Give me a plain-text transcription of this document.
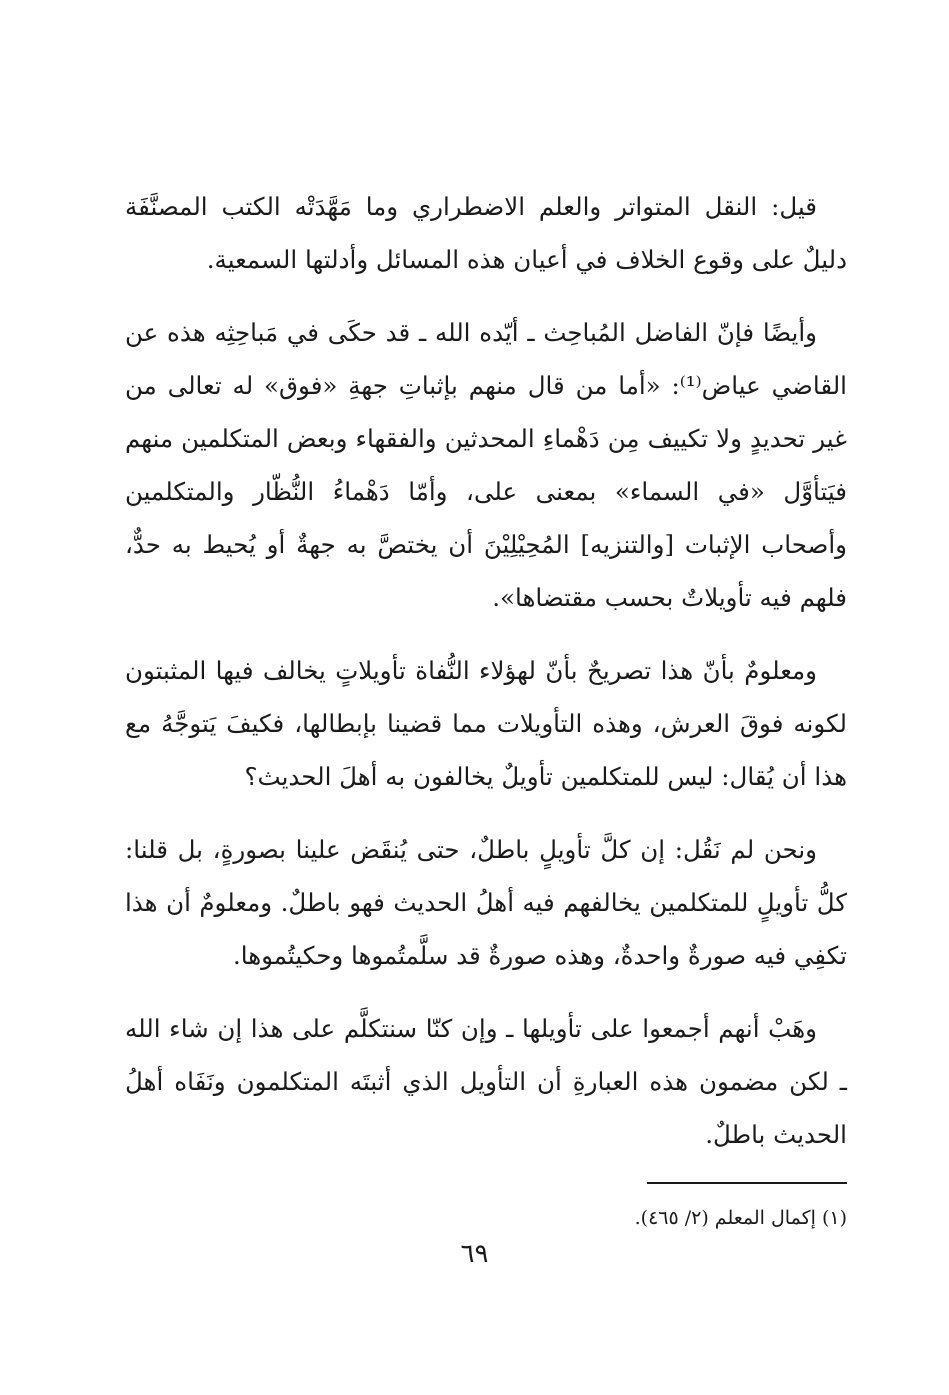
قيل: النقل المتواتر والعلم الاضطراري وما مَهَّدَتْه الكتب المصنَّفَة دليلٌ على وقوع الخلاف في أعيان هذه المسائل وأدلتها السمعية.

وأيضًا فإنّ الفاضل المُباحِث ـ أيّده الله ـ قد حكَى في مَباحِثِه هذه عن القاضي عياض⁽¹⁾: «أما من قال منهم بإثباتِ جهةِ «فوق» له تعالى من غير تحديدٍ ولا تكييف مِن دَهْماءِ المحدثين والفقهاء وبعض المتكلمين منهم فيَتأوَّل «في السماء» بمعنى على، وأمّا دَهْماءُ النُّظّار والمتكلمين وأصحاب الإثبات [والتنزيه] المُحِيْلِيْنَ أن يختصَّ به جهةٌ أو يُحيط به حدٌّ، فلهم فيه تأويلاتٌ بحسب مقتضاها».

ومعلومٌ بأنّ هذا تصريحٌ بأنّ لهؤلاء النُّفاة تأويلاتٍ يخالف فيها المثبتون لكونه فوقَ العرش، وهذه التأويلات مما قضينا بإبطالها، فكيفَ يَتوجَّهُ مع هذا أن يُقال: ليس للمتكلمين تأويلٌ يخالفون به أهلَ الحديث؟

ونحن لم نَقُل: إن كلَّ تأويلٍ باطلٌ، حتى يُنقَض علينا بصورةٍ، بل قلنا: كلُّ تأويلٍ للمتكلمين يخالفهم فيه أهلُ الحديث فهو باطلٌ. ومعلومٌ أن هذا تكفِي فيه صورةٌ واحدةٌ، وهذه صورةٌ قد سلَّمتُموها وحكيتُموها.

وهَبْ أنهم أجمعوا على تأويلها ـ وإن كنّا سنتكلَّم على هذا إن شاء الله ـ لكن مضمون هذه العبارةِ أن التأويل الذي أثبتَه المتكلمون ونَفَاه أهلُ الحديث باطلٌ.

(١) إكمال المعلم (٢/ ٤٦٥).
٦٩
